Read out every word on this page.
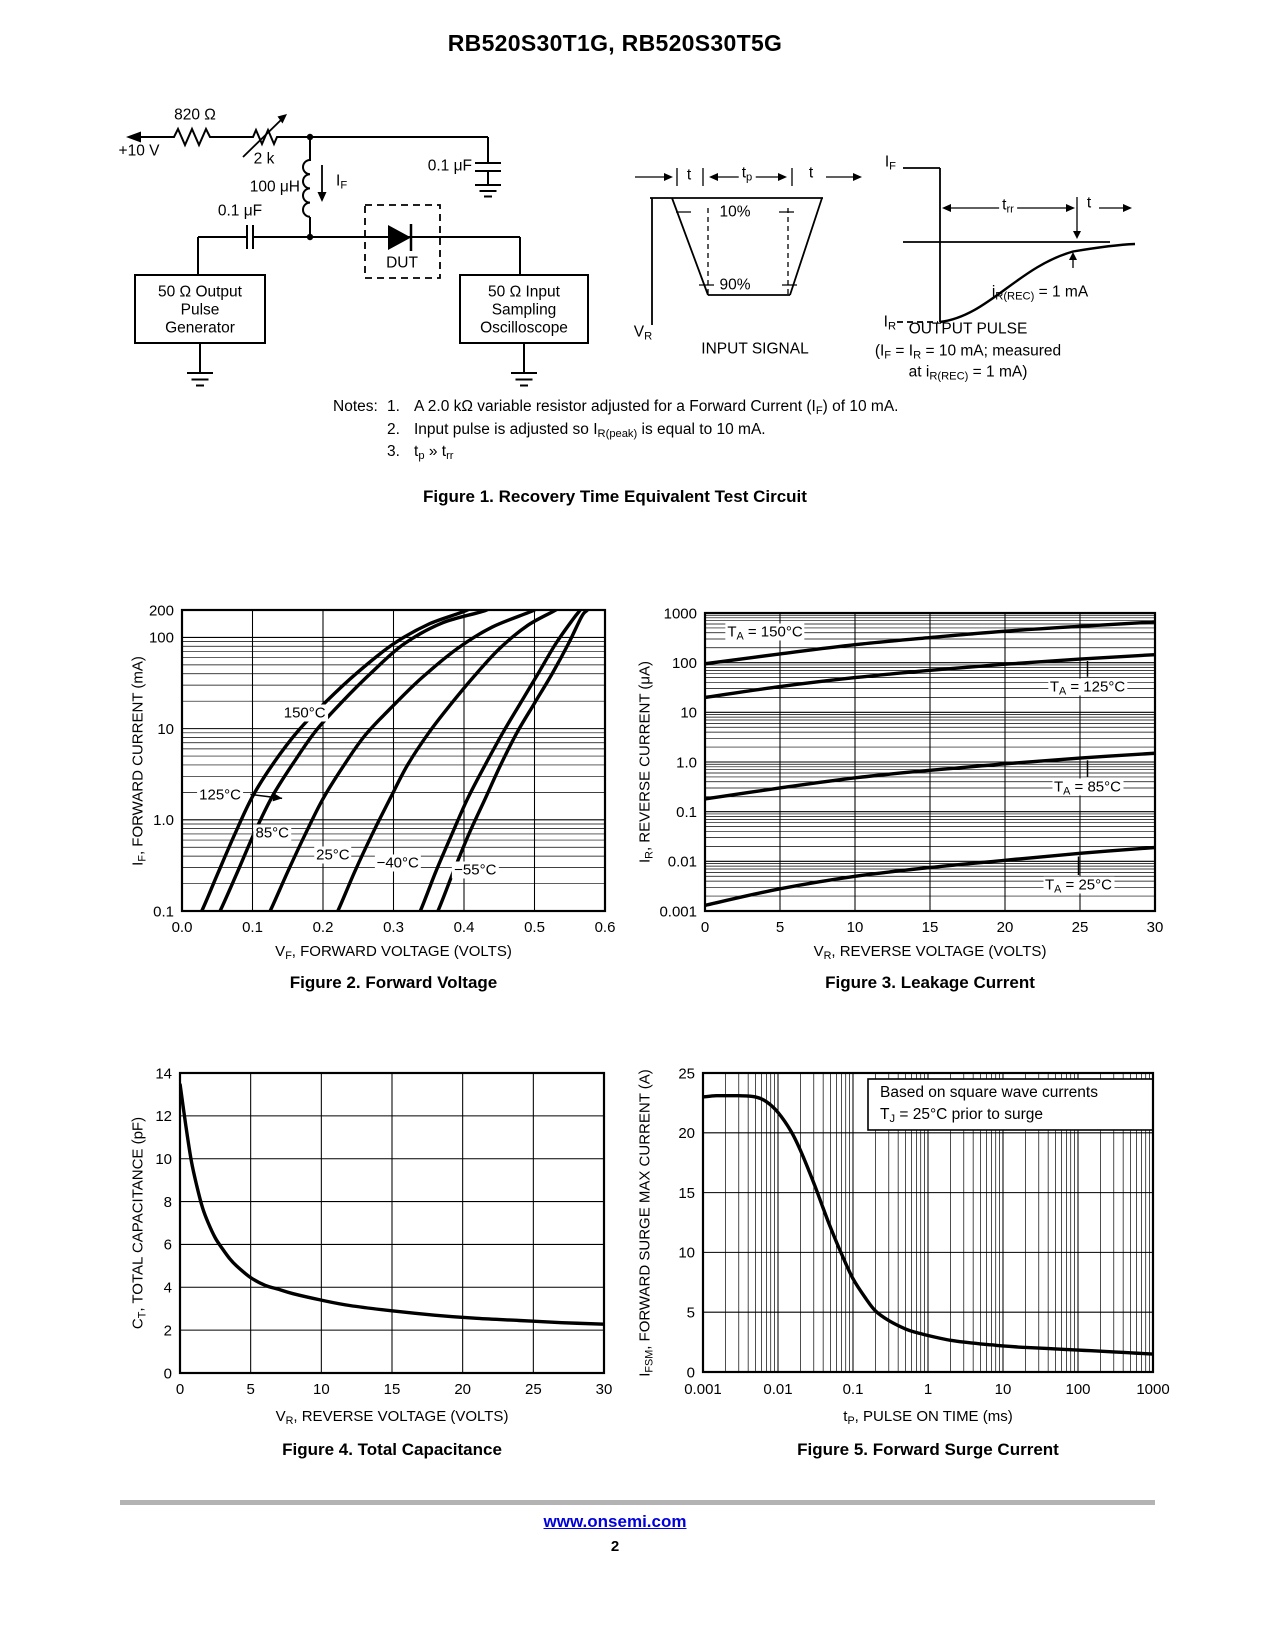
RB520S30T1G, RB520S30T5G
+10 V
820 Ω
2 k
100 μH $I_F$
0.1 μF
0.1 μF
DUT
50 Ω Output
Pulse
Generator
50 Ω Input
Sampling
Oscilloscope
t	$t_p$	t
10%
90%
$V_R$
INPUT SIGNAL
$I_F$
$I_R$
$t_{rr}$	t
$i_{R(REC)} = 1$ mA
OUTPUT PULSE
($I_F = I_R = 10$ mA; measured
at $i_{R(REC)} = 1$ mA)
Notes: 1. A 2.0 kΩ variable resistor adjusted for a Forward Current $(I_F)$ of 10 mA.
2. Input pulse is adjusted so $I_{R(peak)}$ is equal to 10 mA.
3. $t_p$ » $t_{rr}$
Figure 1. Recovery Time Equivalent Test Circuit
200
100
10
1.0
0.1
0.0	0.1	0.2	0.3	0.4	0.5	0.6
150°C
125°C
85°C
25°C −40°C −55°C
$I_F$, FORWARD CURRENT (mA)
$V_F$, FORWARD VOLTAGE (VOLTS)
Figure 2. Forward Voltage
1000
100
10
1.0
0.1
0.01
0.001
0	5	10	15	20	25	30
$T_A = 150^\circ C$
$T_A = 125^\circ C$
$T_A = 85^\circ C$
$T_A = 25^\circ C$
$I_R$, REVERSE CURRENT (μA)
$V_R$, REVERSE VOLTAGE (VOLTS)
Figure 3. Leakage Current
0
2
4
6
8
10
12
14
0	5	10	15	20	25	30
$C_T$, TOTAL CAPACITANCE (pF)
$V_R$, REVERSE VOLTAGE (VOLTS)
Figure 4. Total Capacitance
0
5
10
15
20
25
0.001	0.01	0.1	1	10	100	1000
Based on square wave currents
$T_J = 25^\circ C$ prior to surge
$I_{FSM}$, FORWARD SURGE MAX CURRENT (A)
$t_P$, PULSE ON TIME (ms)
Figure 5. Forward Surge Current
www.onsemi.com
2
